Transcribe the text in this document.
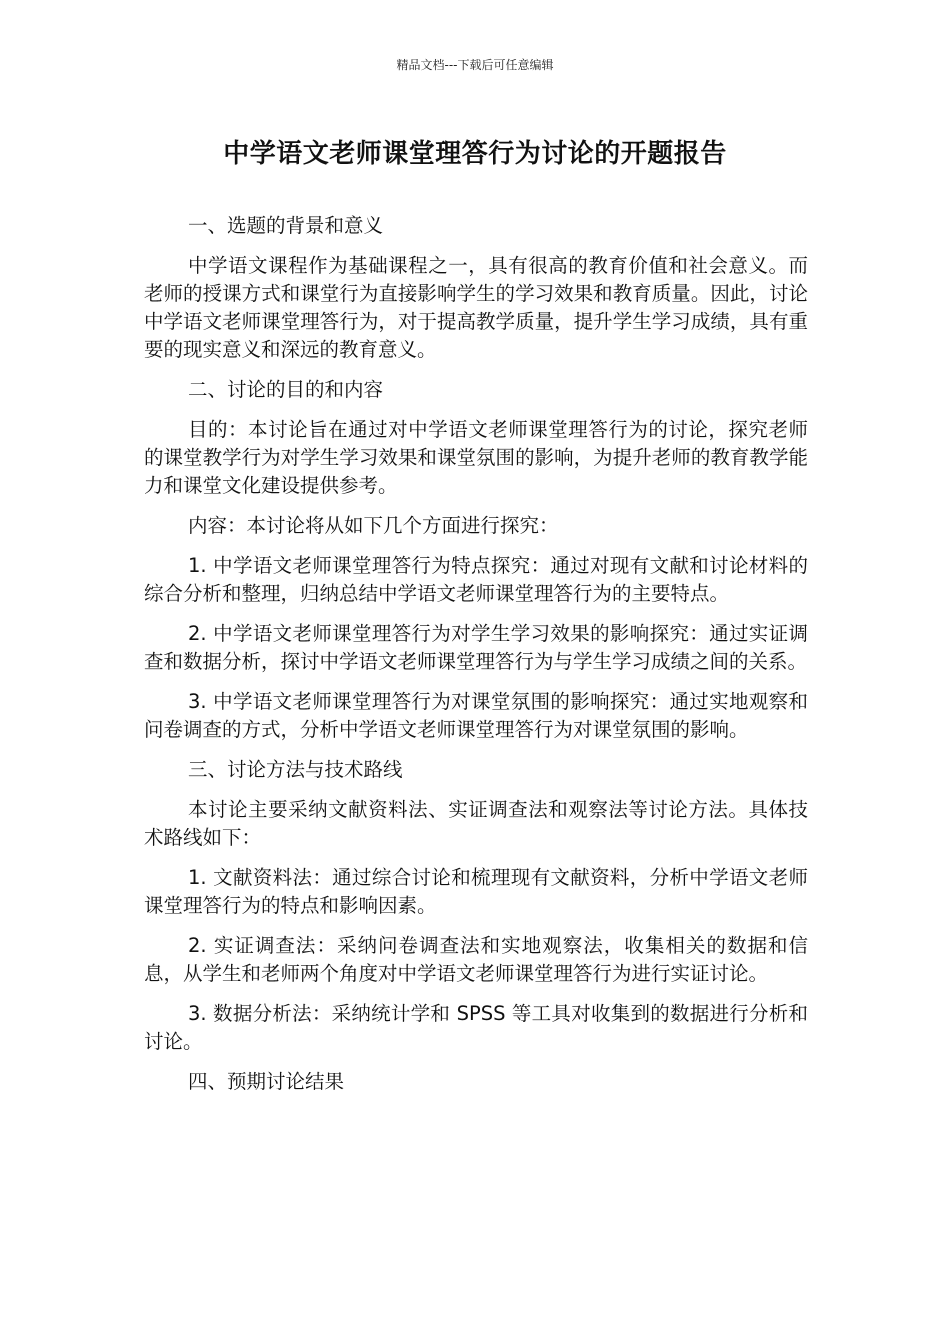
精品文档---下载后可任意编辑
中学语文老师课堂理答行为讨论的开题报告

一、选题的背景和意义

中学语文课程作为基础课程之一，具有很高的教育价值和社会意义。而老师的授课方式和课堂行为直接影响学生的学习效果和教育质量。因此，讨论中学语文老师课堂理答行为，对于提高教学质量，提升学生学习成绩，具有重要的现实意义和深远的教育意义。

二、讨论的目的和内容

目的：本讨论旨在通过对中学语文老师课堂理答行为的讨论，探究老师的课堂教学行为对学生学习效果和课堂氛围的影响，为提升老师的教育教学能力和课堂文化建设提供参考。

内容：本讨论将从如下几个方面进行探究：

1. 中学语文老师课堂理答行为特点探究：通过对现有文献和讨论材料的综合分析和整理，归纳总结中学语文老师课堂理答行为的主要特点。

2. 中学语文老师课堂理答行为对学生学习效果的影响探究：通过实证调查和数据分析，探讨中学语文老师课堂理答行为与学生学习成绩之间的关系。

3. 中学语文老师课堂理答行为对课堂氛围的影响探究：通过实地观察和问卷调查的方式，分析中学语文老师课堂理答行为对课堂氛围的影响。

三、讨论方法与技术路线

本讨论主要采纳文献资料法、实证调查法和观察法等讨论方法。具体技术路线如下：

1. 文献资料法：通过综合讨论和梳理现有文献资料，分析中学语文老师课堂理答行为的特点和影响因素。

2. 实证调查法：采纳问卷调查法和实地观察法，收集相关的数据和信息，从学生和老师两个角度对中学语文老师课堂理答行为进行实证讨论。

3. 数据分析法：采纳统计学和 SPSS 等工具对收集到的数据进行分析和讨论。

四、预期讨论结果
